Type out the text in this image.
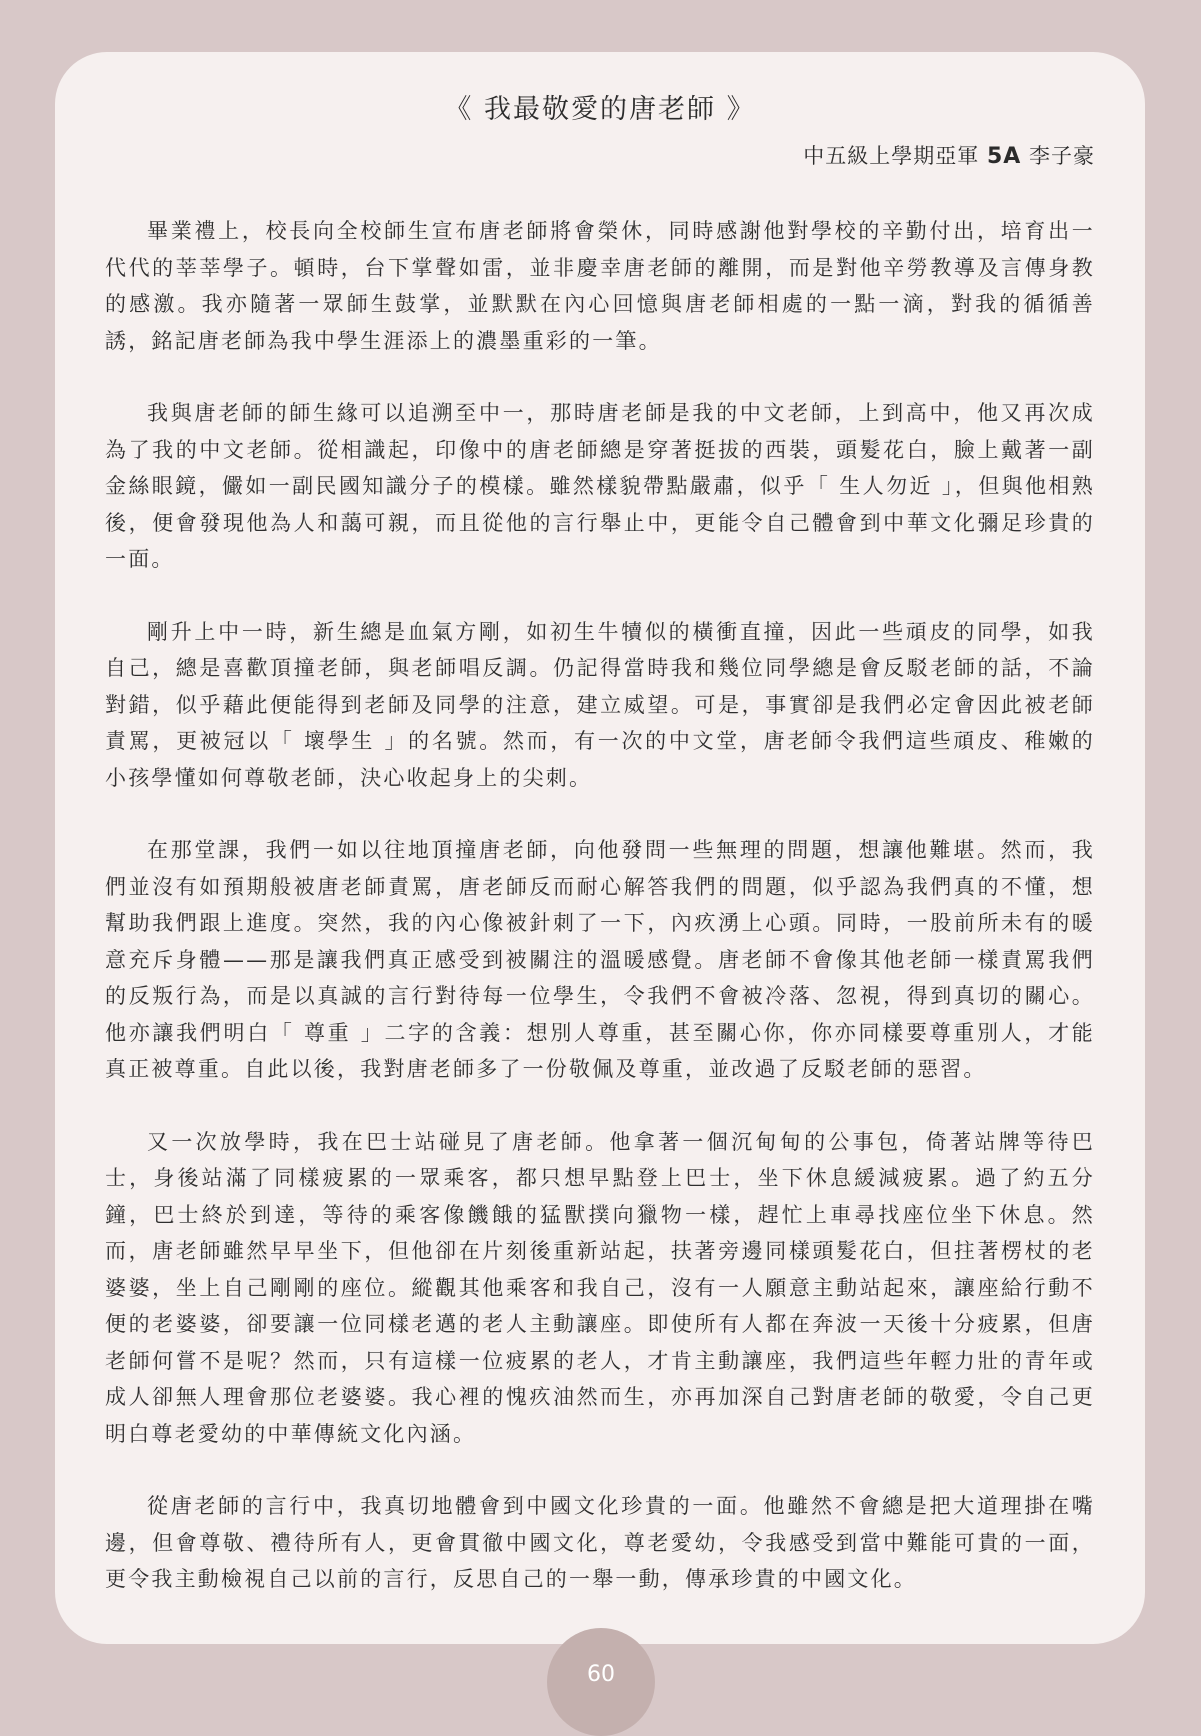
《 我最敬愛的唐老師 》
中五級上學期亞軍 5A 李子豪

畢業禮上，校長向全校師生宣布唐老師將會榮休，同時感謝他對學校的辛勤付出，培育出一代代的莘莘學子。頓時，台下掌聲如雷，並非慶幸唐老師的離開，而是對他辛勞教導及言傳身教的感激。我亦隨著一眾師生鼓掌，並默默在內心回憶與唐老師相處的一點一滴，對我的循循善誘，銘記唐老師為我中學生涯添上的濃墨重彩的一筆。

我與唐老師的師生緣可以追溯至中一，那時唐老師是我的中文老師，上到高中，他又再次成為了我的中文老師。從相識起，印像中的唐老師總是穿著挺拔的西裝，頭髮花白，臉上戴著一副金絲眼鏡，儼如一副民國知識分子的模樣。雖然樣貌帶點嚴肅，似乎「 生人勿近 」，但與他相熟後，便會發現他為人和藹可親，而且從他的言行舉止中，更能令自己體會到中華文化彌足珍貴的一面。

剛升上中一時，新生總是血氣方剛，如初生牛犢似的橫衝直撞，因此一些頑皮的同學，如我自己，總是喜歡頂撞老師，與老師唱反調。仍記得當時我和幾位同學總是會反駁老師的話，不論對錯，似乎藉此便能得到老師及同學的注意，建立威望。可是，事實卻是我們必定會因此被老師責罵，更被冠以「 壞學生 」的名號。然而，有一次的中文堂，唐老師令我們這些頑皮、稚嫩的小孩學懂如何尊敬老師，決心收起身上的尖刺。

在那堂課，我們一如以往地頂撞唐老師，向他發問一些無理的問題，想讓他難堪。然而，我們並沒有如預期般被唐老師責罵，唐老師反而耐心解答我們的問題，似乎認為我們真的不懂，想幫助我們跟上進度。突然，我的內心像被針刺了一下，內疚湧上心頭。同時，一股前所未有的暖意充斥身體——那是讓我們真正感受到被關注的溫暖感覺。唐老師不會像其他老師一樣責罵我們的反叛行為，而是以真誠的言行對待每一位學生，令我們不會被冷落、忽視，得到真切的關心。他亦讓我們明白「 尊重 」二字的含義：想別人尊重，甚至關心你，你亦同樣要尊重別人，才能真正被尊重。自此以後，我對唐老師多了一份敬佩及尊重，並改過了反駁老師的惡習。

又一次放學時，我在巴士站碰見了唐老師。他拿著一個沉甸甸的公事包，倚著站牌等待巴士，身後站滿了同樣疲累的一眾乘客，都只想早點登上巴士，坐下休息緩減疲累。過了約五分鐘，巴士終於到達，等待的乘客像饑餓的猛獸撲向獵物一樣，趕忙上車尋找座位坐下休息。然而，唐老師雖然早早坐下，但他卻在片刻後重新站起，扶著旁邊同樣頭髮花白，但拄著楞杖的老婆婆，坐上自己剛剛的座位。縱觀其他乘客和我自己，沒有一人願意主動站起來，讓座給行動不便的老婆婆，卻要讓一位同樣老邁的老人主動讓座。即使所有人都在奔波一天後十分疲累，但唐老師何嘗不是呢？然而，只有這樣一位疲累的老人，才肯主動讓座，我們這些年輕力壯的青年或成人卻無人理會那位老婆婆。我心裡的愧疚油然而生，亦再加深自己對唐老師的敬愛，令自己更明白尊老愛幼的中華傳統文化內涵。

從唐老師的言行中，我真切地體會到中國文化珍貴的一面。他雖然不會總是把大道理掛在嘴邊，但會尊敬、禮待所有人，更會貫徹中國文化，尊老愛幼，令我感受到當中難能可貴的一面，更令我主動檢視自己以前的言行，反思自己的一舉一動，傳承珍貴的中國文化。

60
